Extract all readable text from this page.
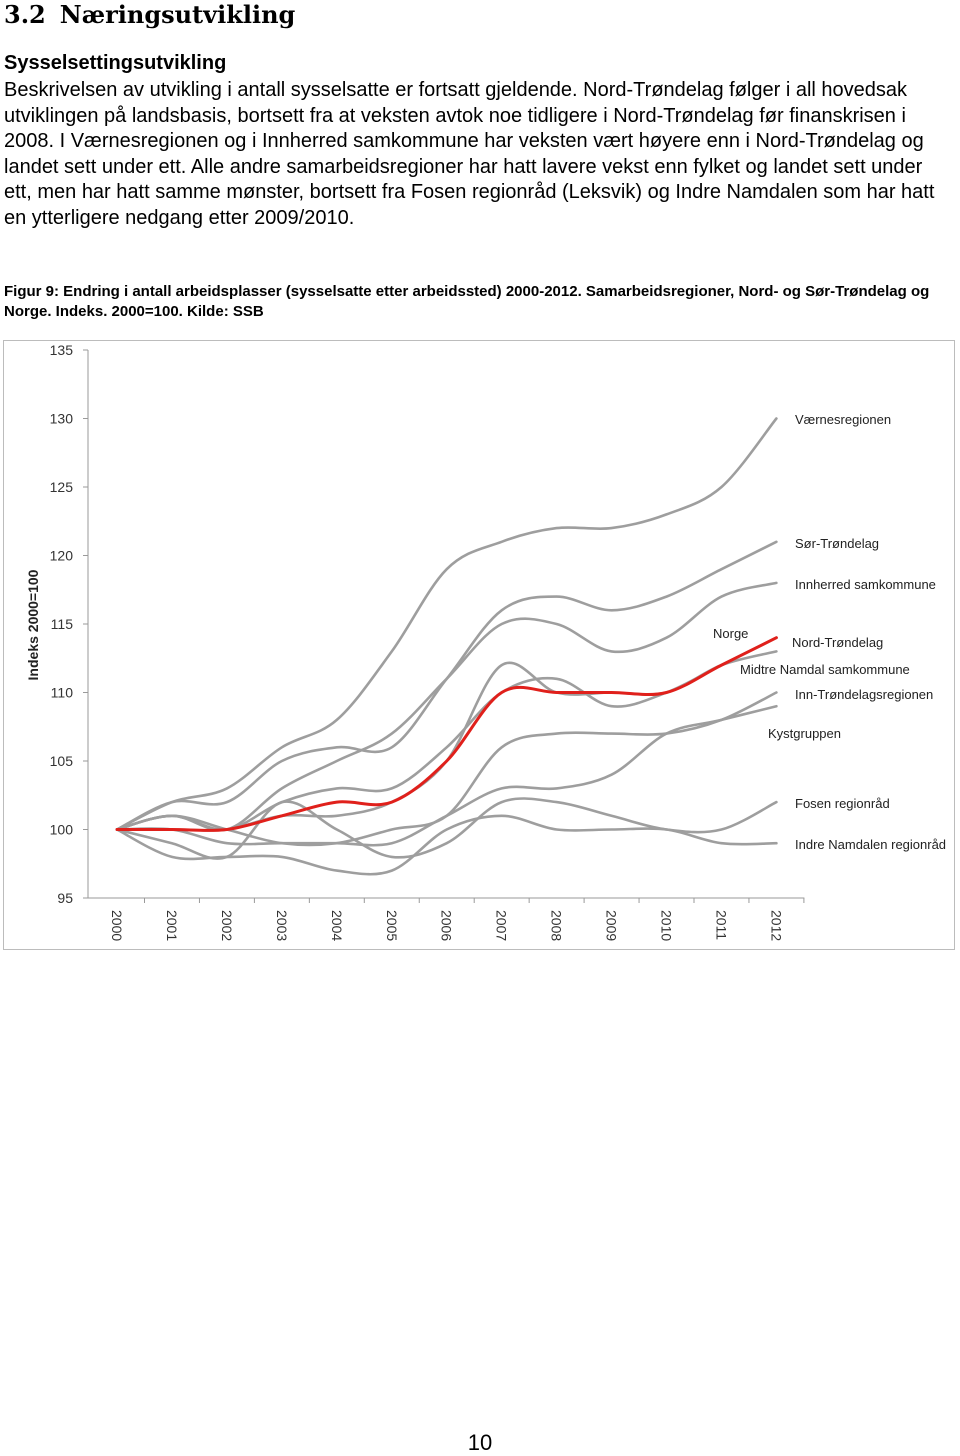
3.2 Næringsutvikling
Sysselsettingsutvikling
Beskrivelsen av utvikling i antall sysselsatte er fortsatt gjeldende. Nord-Trøndelag følger i all hovedsak utviklingen på landsbasis, bortsett fra at veksten avtok noe tidligere i Nord-Trøndelag før finanskrisen i 2008. I Værnesregionen og i Innherred samkommune har veksten vært høyere enn i Nord-Trøndelag og landet sett under ett. Alle andre samarbeidsregioner har hatt lavere vekst enn fylket og landet sett under ett, men har hatt samme mønster, bortsett fra Fosen regionråd (Leksvik) og Indre Namdalen som har hatt en ytterligere nedgang etter 2009/2010.
Figur 9: Endring i antall arbeidsplasser (sysselsatte etter arbeidssted) 2000-2012. Samarbeidsregioner, Nord- og Sør-Trøndelag og Norge. Indeks. 2000=100. Kilde: SSB
95
100
105
110
115
120
125
130
135
2000	2001	2002	2003	2004	2005	2006	2007	2008	2009	2010	2011	2012
Indeks 2000=100
Værnesregionen
Sør-Trøndelag
Innherred samkommune
Norge
Nord-Trøndelag
Midtre Namdal samkommune
Inn-Trøndelagsregionen
Kystgruppen
Fosen regionråd
Indre Namdalen regionråd
10
